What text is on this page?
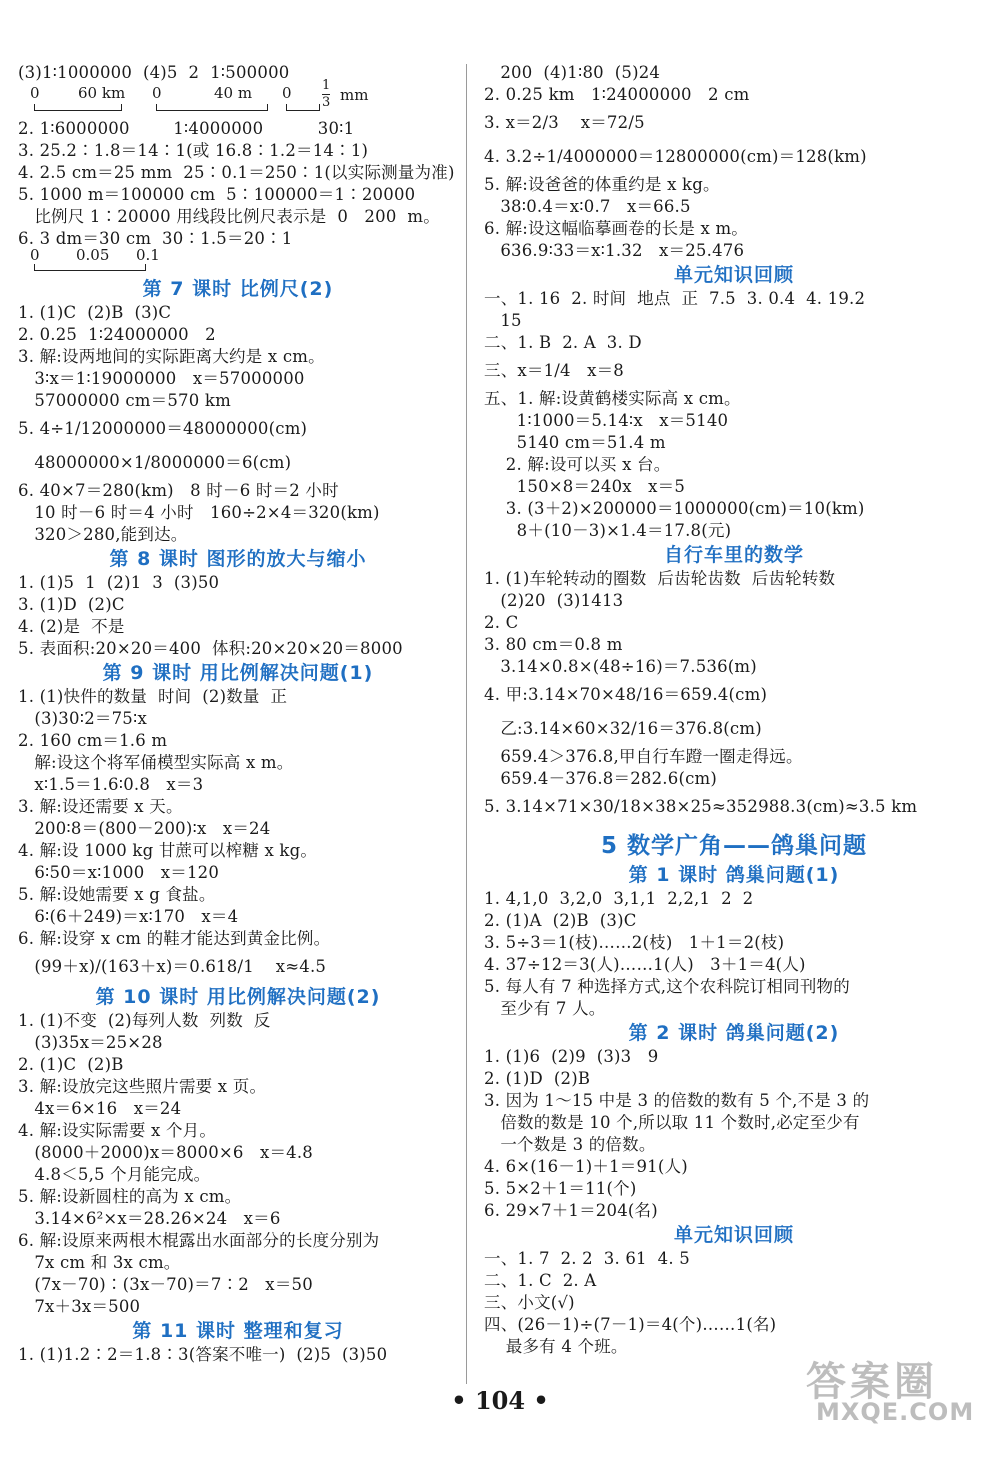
(3)1∶1000000  (4)5  2  1∶500000
0	60 km 0	40 m 0 1
3 mm
2. 1∶6000000        1∶4000000          30∶1
3. 25.2∶1.8＝14∶1(或 16.8∶1.2＝14∶1)
4. 2.5 cm＝25 mm  25∶0.1＝250∶1(以实际测量为准)
5. 1000 m＝100000 cm  5∶100000＝1∶20000
比例尺 1∶20000 用线段比例尺表示是  0   200  m。
6. 3 dm＝30 cm  30∶1.5＝20∶1
0 0.05 0.1
第 7 课时 比例尺(2)
1. (1)C  (2)B  (3)C
2. 0.25  1∶24000000   2
3. 解:设两地间的实际距离大约是 x cm。
3∶x＝1∶19000000   x＝57000000
57000000 cm＝570 km
5. 4÷1/12000000＝48000000(cm)
48000000×1/8000000＝6(cm)
6. 40×7＝280(km)   8 时－6 时＝2 小时
10 时－6 时＝4 小时   160÷2×4＝320(km)
320＞280,能到达。
第 8 课时 图形的放大与缩小
1. (1)5  1  (2)1  3  (3)50
3. (1)D  (2)C
4. (2)是  不是
5. 表面积:20×20＝400  体积:20×20×20＝8000
第 9 课时 用比例解决问题(1)
1. (1)快件的数量  时间  (2)数量  正
(3)30∶2＝75∶x
2. 160 cm＝1.6 m
解:设这个将军俑模型实际高 x m。
x∶1.5＝1.6∶0.8   x＝3
3. 解:设还需要 x 天。
200∶8＝(800－200)∶x   x＝24
4. 解:设 1000 kg 甘蔗可以榨糖 x kg。
6∶50＝x∶1000   x＝120
5. 解:设她需要 x g 食盐。
6∶(6＋249)＝x∶170   x＝4
6. 解:设穿 x cm 的鞋才能达到黄金比例。
(99＋x)/(163＋x)＝0.618/1    x≈4.5
第 10 课时 用比例解决问题(2)
1. (1)不变  (2)每列人数  列数  反
(3)35x＝25×28
2. (1)C  (2)B
3. 解:设放完这些照片需要 x 页。
4x＝6×16   x＝24
4. 解:设实际需要 x 个月。
(8000＋2000)x＝8000×6   x＝4.8
4.8＜5,5 个月能完成。
5. 解:设新圆柱的高为 x cm。
3.14×6²×x＝28.26×24   x＝6
6. 解:设原来两根木棍露出水面部分的长度分别为
7x cm 和 3x cm。
(7x－70)∶(3x－70)＝7∶2   x＝50
7x＋3x＝500
第 11 课时 整理和复习
1. (1)1.2∶2＝1.8∶3(答案不唯一)  (2)5  (3)50
200  (4)1∶80  (5)24
2. 0.25 km   1∶24000000   2 cm
3. x＝2/3    x＝72/5
4. 3.2÷1/4000000＝12800000(cm)＝128(km)
5. 解:设爸爸的体重约是 x kg。
38∶0.4＝x∶0.7   x＝66.5
6. 解:设这幅临摹画卷的长是 x m。
636.9∶33＝x∶1.32   x＝25.476
单元知识回顾
一、1. 16  2. 时间  地点  正  7.5  3. 0.4  4. 19.2
15
二、1. B  2. A  3. D
三、x＝1/4   x＝8
五、1. 解:设黄鹤楼实际高 x cm。
1∶1000＝5.14∶x   x＝5140
5140 cm＝51.4 m
2. 解:设可以买 x 台。
150×8＝240x   x＝5
3. (3＋2)×200000＝1000000(cm)＝10(km)
8＋(10－3)×1.4＝17.8(元)
自行车里的数学
1. (1)车轮转动的圈数  后齿轮齿数  后齿轮转数
(2)20  (3)1413
2. C
3. 80 cm＝0.8 m
3.14×0.8×(48÷16)＝7.536(m)
4. 甲:3.14×70×48/16＝659.4(cm)
乙:3.14×60×32/16＝376.8(cm)
659.4＞376.8,甲自行车蹬一圈走得远。
659.4－376.8＝282.6(cm)
5. 3.14×71×30/18×38×25≈352988.3(cm)≈3.5 km
5 数学广角——鸽巢问题
第 1 课时 鸽巢问题(1)
1. 4,1,0  3,2,0  3,1,1  2,2,1  2  2
2. (1)A  (2)B  (3)C
3. 5÷3＝1(枝)……2(枝)   1＋1＝2(枝)
4. 37÷12＝3(人)……1(人)   3＋1＝4(人)
5. 每人有 7 种选择方式,这个农科院订相同刊物的
至少有 7 人。
第 2 课时 鸽巢问题(2)
1. (1)6  (2)9  (3)3   9
2. (1)D  (2)B
3. 因为 1～15 中是 3 的倍数的数有 5 个,不是 3 的
倍数的数是 10 个,所以取 11 个数时,必定至少有
一个数是 3 的倍数。
4. 6×(16－1)＋1＝91(人)
5. 5×2＋1＝11(个)
6. 29×7＋1＝204(名)
单元知识回顾
一、1. 7  2. 2  3. 61  4. 5
二、1. C  2. A
三、小文(√)
四、(26－1)÷(7－1)＝4(个)……1(名)
最多有 4 个班。
• 104 •	答案圈
MXQE.COM
